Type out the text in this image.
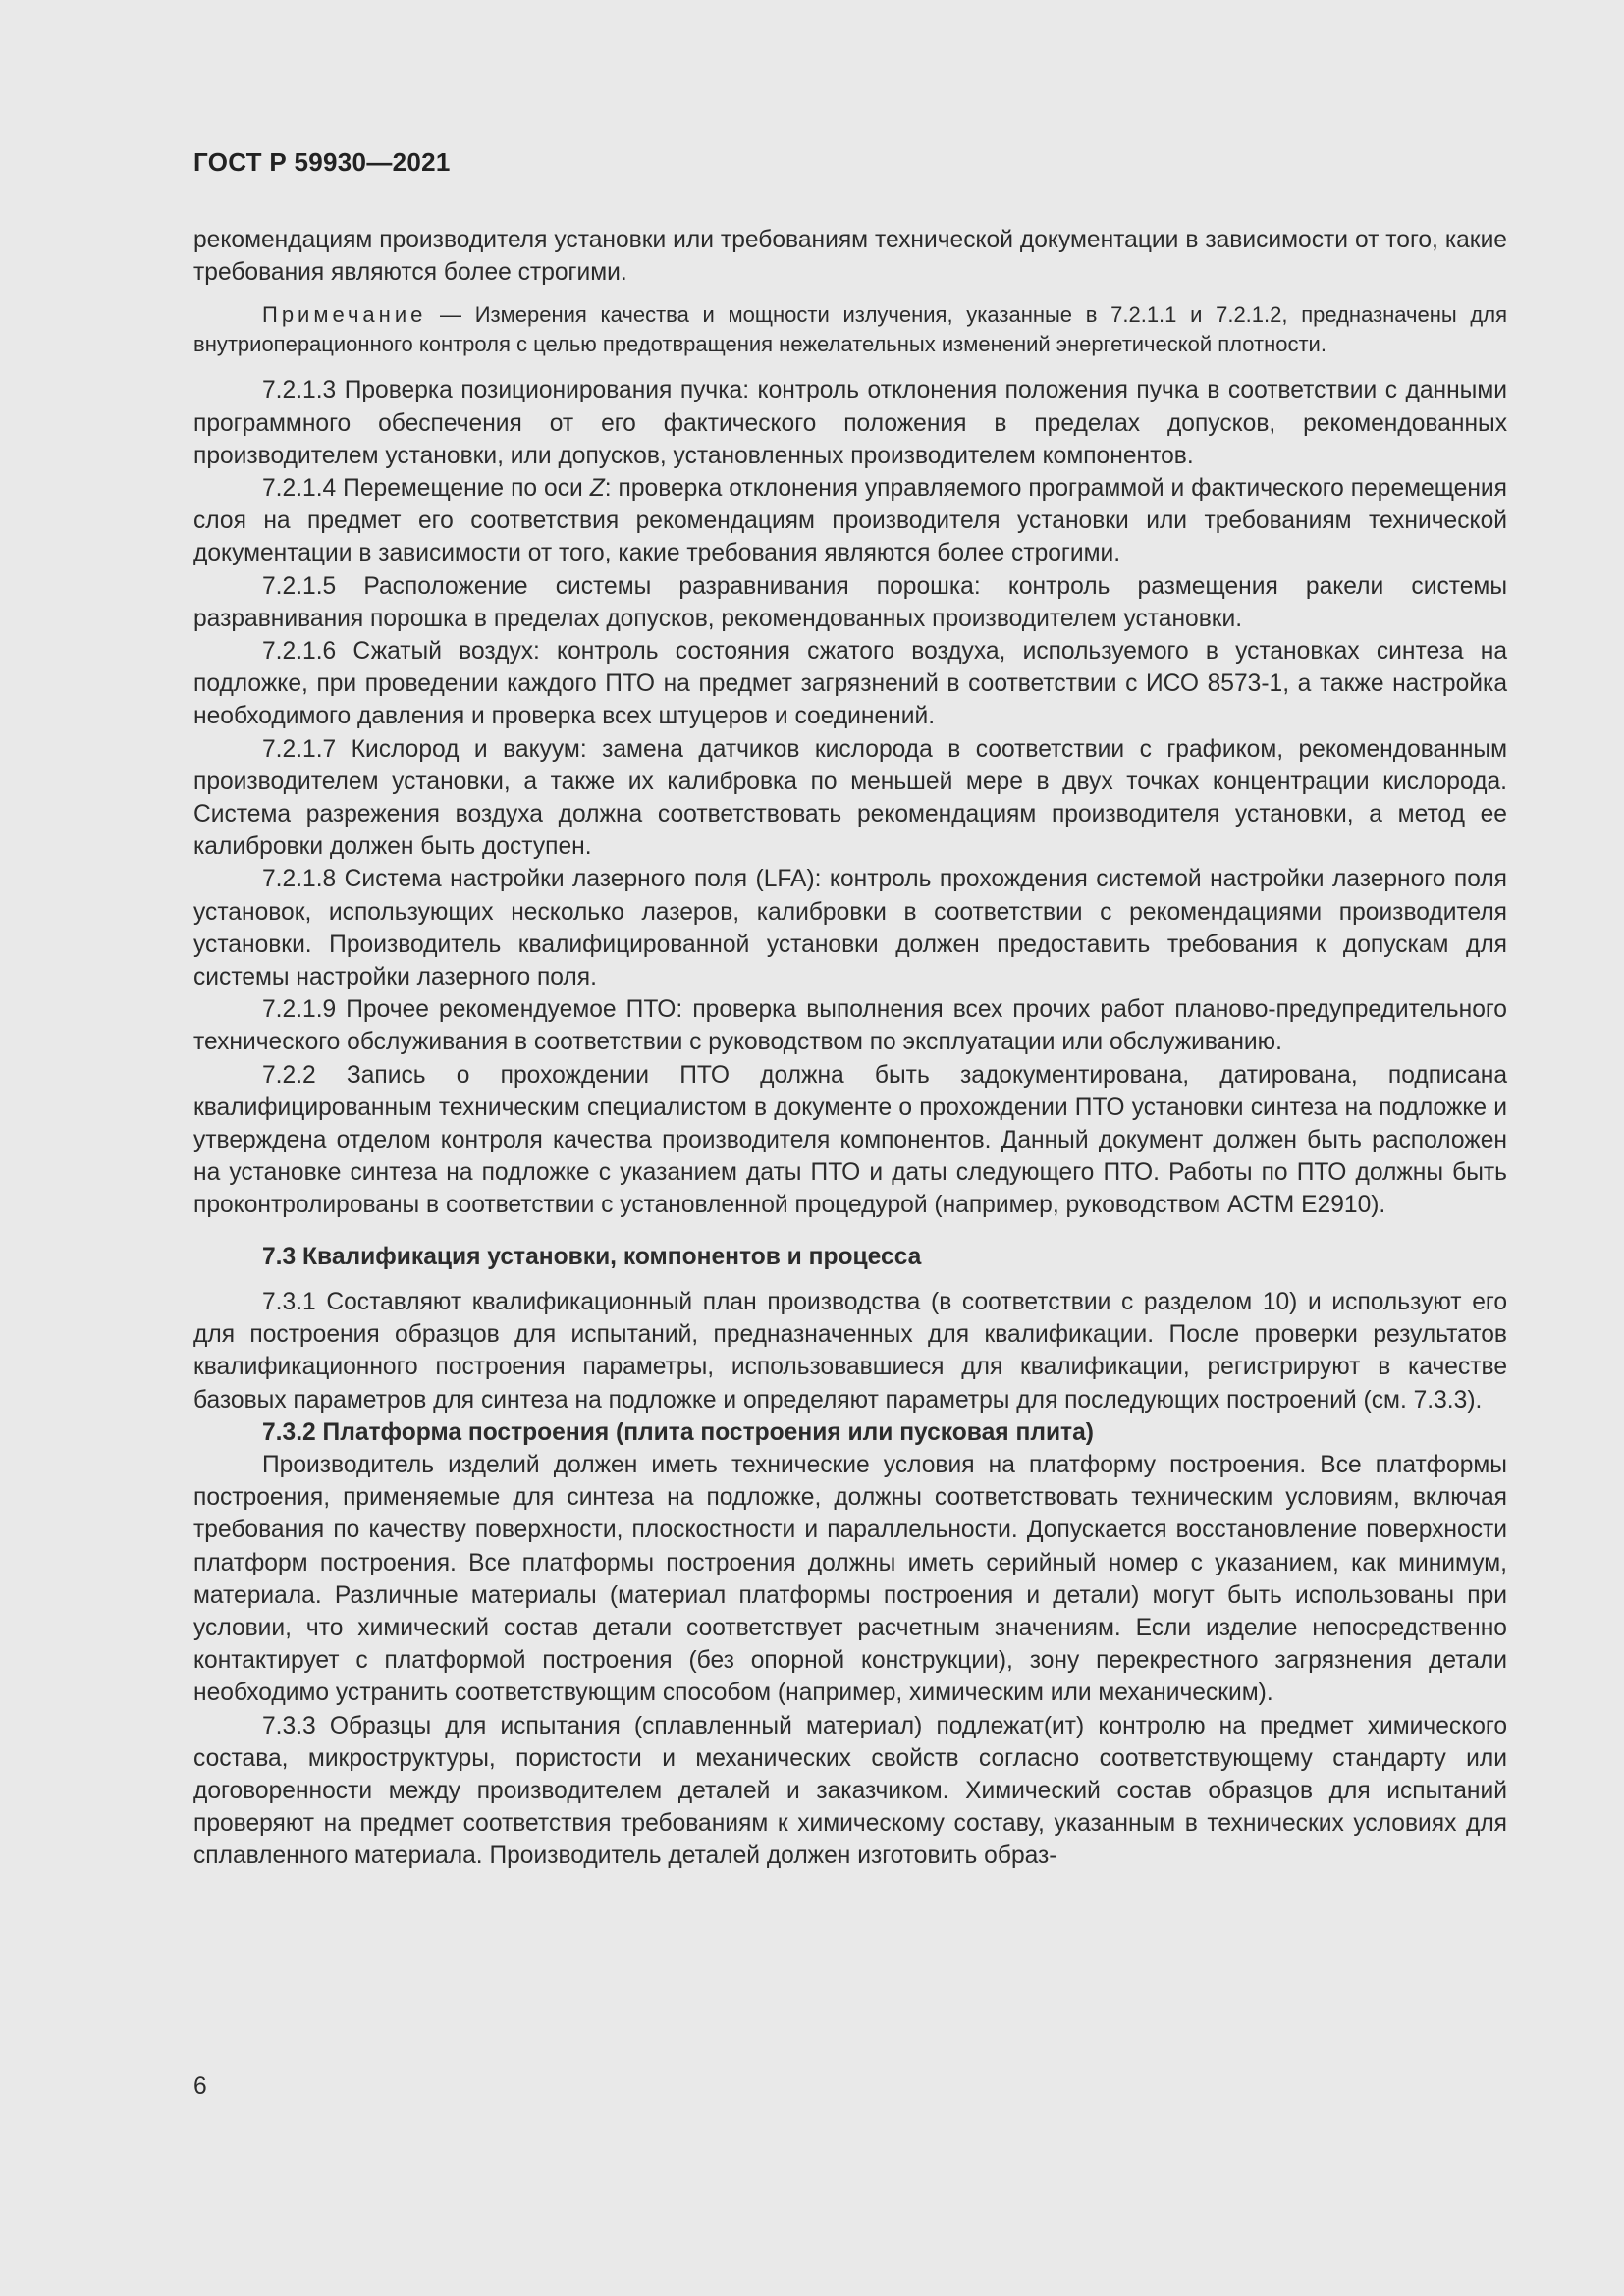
ГОСТ Р 59930—2021

рекомендациям производителя установки или требованиям технической документации в зависимости от того, какие требования являются более строгими.

Примечание — Измерения качества и мощности излучения, указанные в 7.2.1.1 и 7.2.1.2, предназначены для внутриоперационного контроля с целью предотвращения нежелательных изменений энергетической плотности.

7.2.1.3 Проверка позиционирования пучка: контроль отклонения положения пучка в соответствии с данными программного обеспечения от его фактического положения в пределах допусков, рекомендованных производителем установки, или допусков, установленных производителем компонентов.

7.2.1.4 Перемещение по оси Z: проверка отклонения управляемого программой и фактического перемещения слоя на предмет его соответствия рекомендациям производителя установки или требованиям технической документации в зависимости от того, какие требования являются более строгими.

7.2.1.5 Расположение системы разравнивания порошка: контроль размещения ракели системы разравнивания порошка в пределах допусков, рекомендованных производителем установки.

7.2.1.6 Сжатый воздух: контроль состояния сжатого воздуха, используемого в установках синтеза на подложке, при проведении каждого ПТО на предмет загрязнений в соответствии с ИСО 8573-1, а также настройка необходимого давления и проверка всех штуцеров и соединений.

7.2.1.7 Кислород и вакуум: замена датчиков кислорода в соответствии с графиком, рекомендованным производителем установки, а также их калибровка по меньшей мере в двух точках концентрации кислорода. Система разрежения воздуха должна соответствовать рекомендациям производителя установки, а метод ее калибровки должен быть доступен.

7.2.1.8 Система настройки лазерного поля (LFA): контроль прохождения системой настройки лазерного поля установок, использующих несколько лазеров, калибровки в соответствии с рекомендациями производителя установки. Производитель квалифицированной установки должен предоставить требования к допускам для системы настройки лазерного поля.

7.2.1.9 Прочее рекомендуемое ПТО: проверка выполнения всех прочих работ планово-предупредительного технического обслуживания в соответствии с руководством по эксплуатации или обслуживанию.

7.2.2 Запись о прохождении ПТО должна быть задокументирована, датирована, подписана квалифицированным техническим специалистом в документе о прохождении ПТО установки синтеза на подложке и утверждена отделом контроля качества производителя компонентов. Данный документ должен быть расположен на установке синтеза на подложке с указанием даты ПТО и даты следующего ПТО. Работы по ПТО должны быть проконтролированы в соответствии с установленной процедурой (например, руководством АСТМ Е2910).

7.3 Квалификация установки, компонентов и процесса

7.3.1 Составляют квалификационный план производства (в соответствии с разделом 10) и используют его для построения образцов для испытаний, предназначенных для квалификации. После проверки результатов квалификационного построения параметры, использовавшиеся для квалификации, регистрируют в качестве базовых параметров для синтеза на подложке и определяют параметры для последующих построений (см. 7.3.3).

7.3.2 Платформа построения (плита построения или пусковая плита)

Производитель изделий должен иметь технические условия на платформу построения. Все платформы построения, применяемые для синтеза на подложке, должны соответствовать техническим условиям, включая требования по качеству поверхности, плоскостности и параллельности. Допускается восстановление поверхности платформ построения. Все платформы построения должны иметь серийный номер с указанием, как минимум, материала. Различные материалы (материал платформы построения и детали) могут быть использованы при условии, что химический состав детали соответствует расчетным значениям. Если изделие непосредственно контактирует с платформой построения (без опорной конструкции), зону перекрестного загрязнения детали необходимо устранить соответствующим способом (например, химическим или механическим).

7.3.3 Образцы для испытания (сплавленный материал) подлежат(ит) контролю на предмет химического состава, микроструктуры, пористости и механических свойств согласно соответствующему стандарту или договоренности между производителем деталей и заказчиком. Химический состав образцов для испытаний проверяют на предмет соответствия требованиям к химическому составу, указанным в технических условиях для сплавленного материала. Производитель деталей должен изготовить образ-

6
